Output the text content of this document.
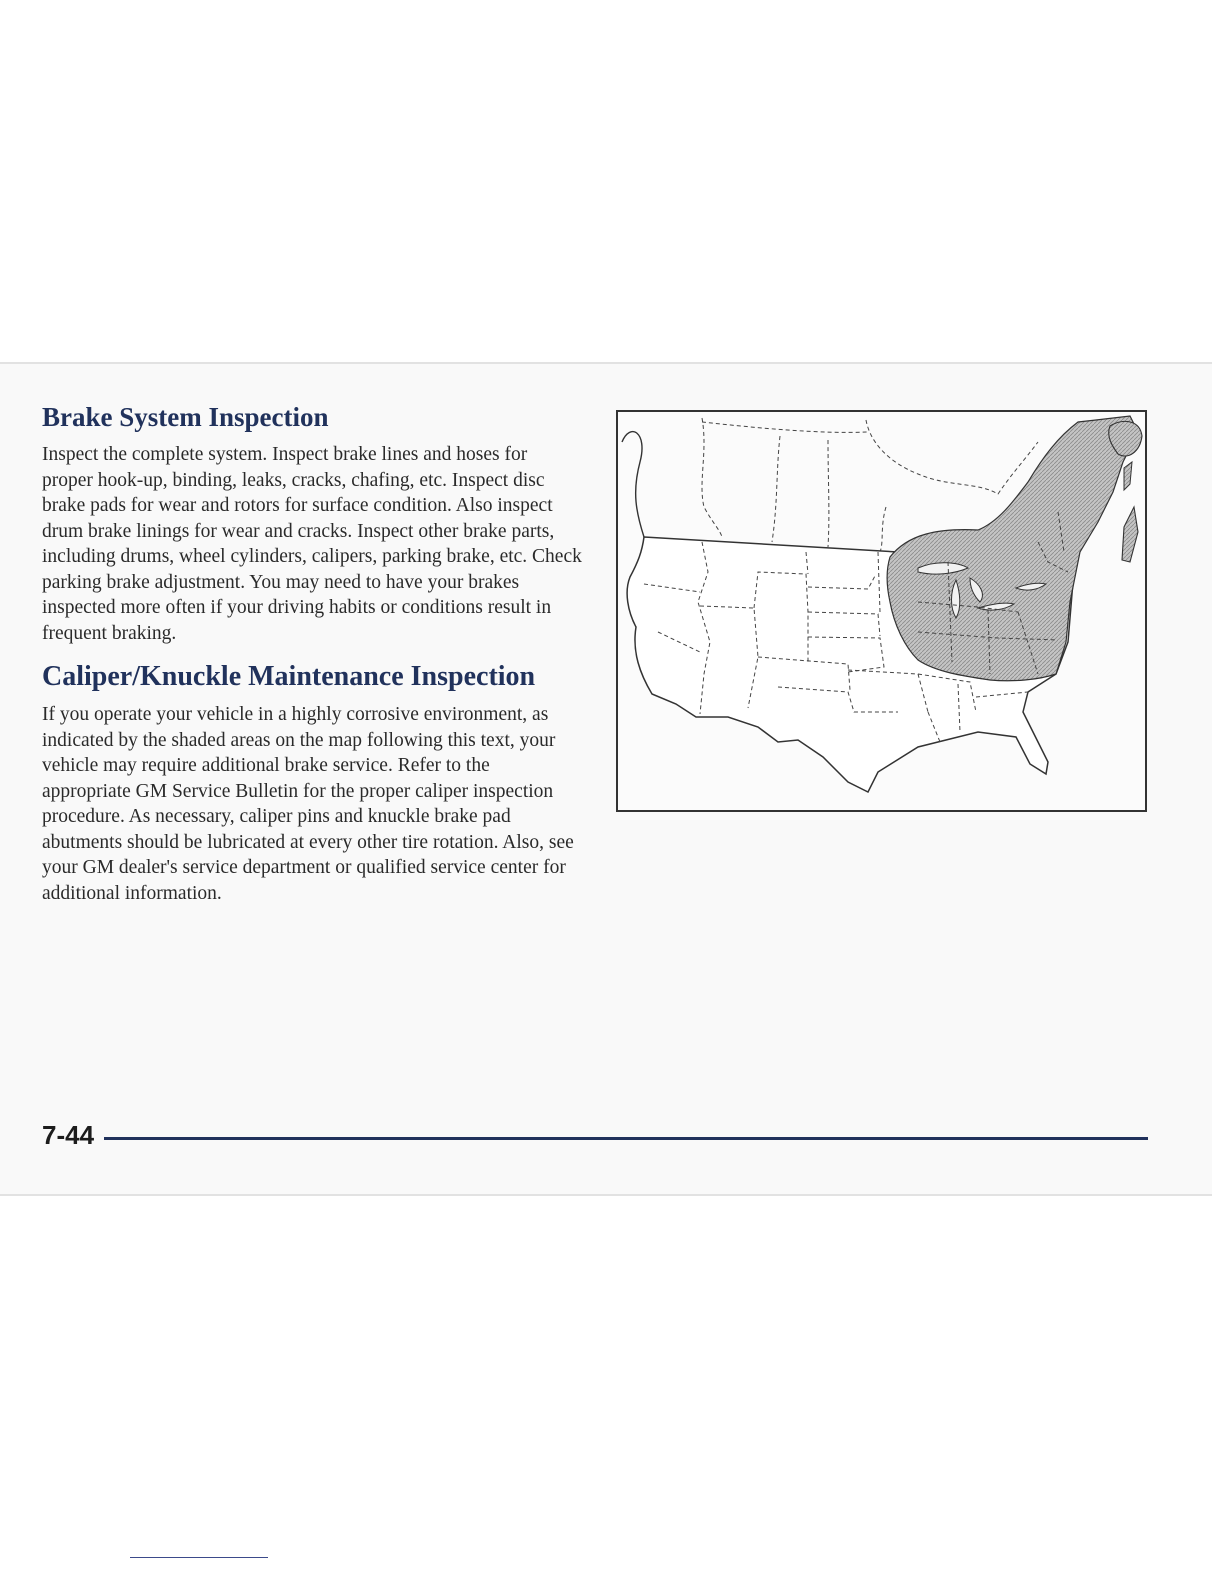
Brake System Inspection

Inspect the complete system. Inspect brake lines and hoses for proper hook-up, binding, leaks, cracks, chafing, etc. Inspect disc brake pads for wear and rotors for surface condition. Also inspect drum brake linings for wear and cracks. Inspect other brake parts, including drums, wheel cylinders, calipers, parking brake, etc. Check parking brake adjustment. You may need to have your brakes inspected more often if your driving habits or conditions result in frequent braking.

Caliper/Knuckle Maintenance Inspection

If you operate your vehicle in a highly corrosive environment, as indicated by the shaded areas on the map following this text, your vehicle may require additional brake service. Refer to the appropriate GM Service Bulletin for the proper caliper inspection procedure. As necessary, caliper pins and knuckle brake pad abutments should be lubricated at every other tire rotation. Also, see your GM dealer's service department or qualified service center for additional information.

7-44
